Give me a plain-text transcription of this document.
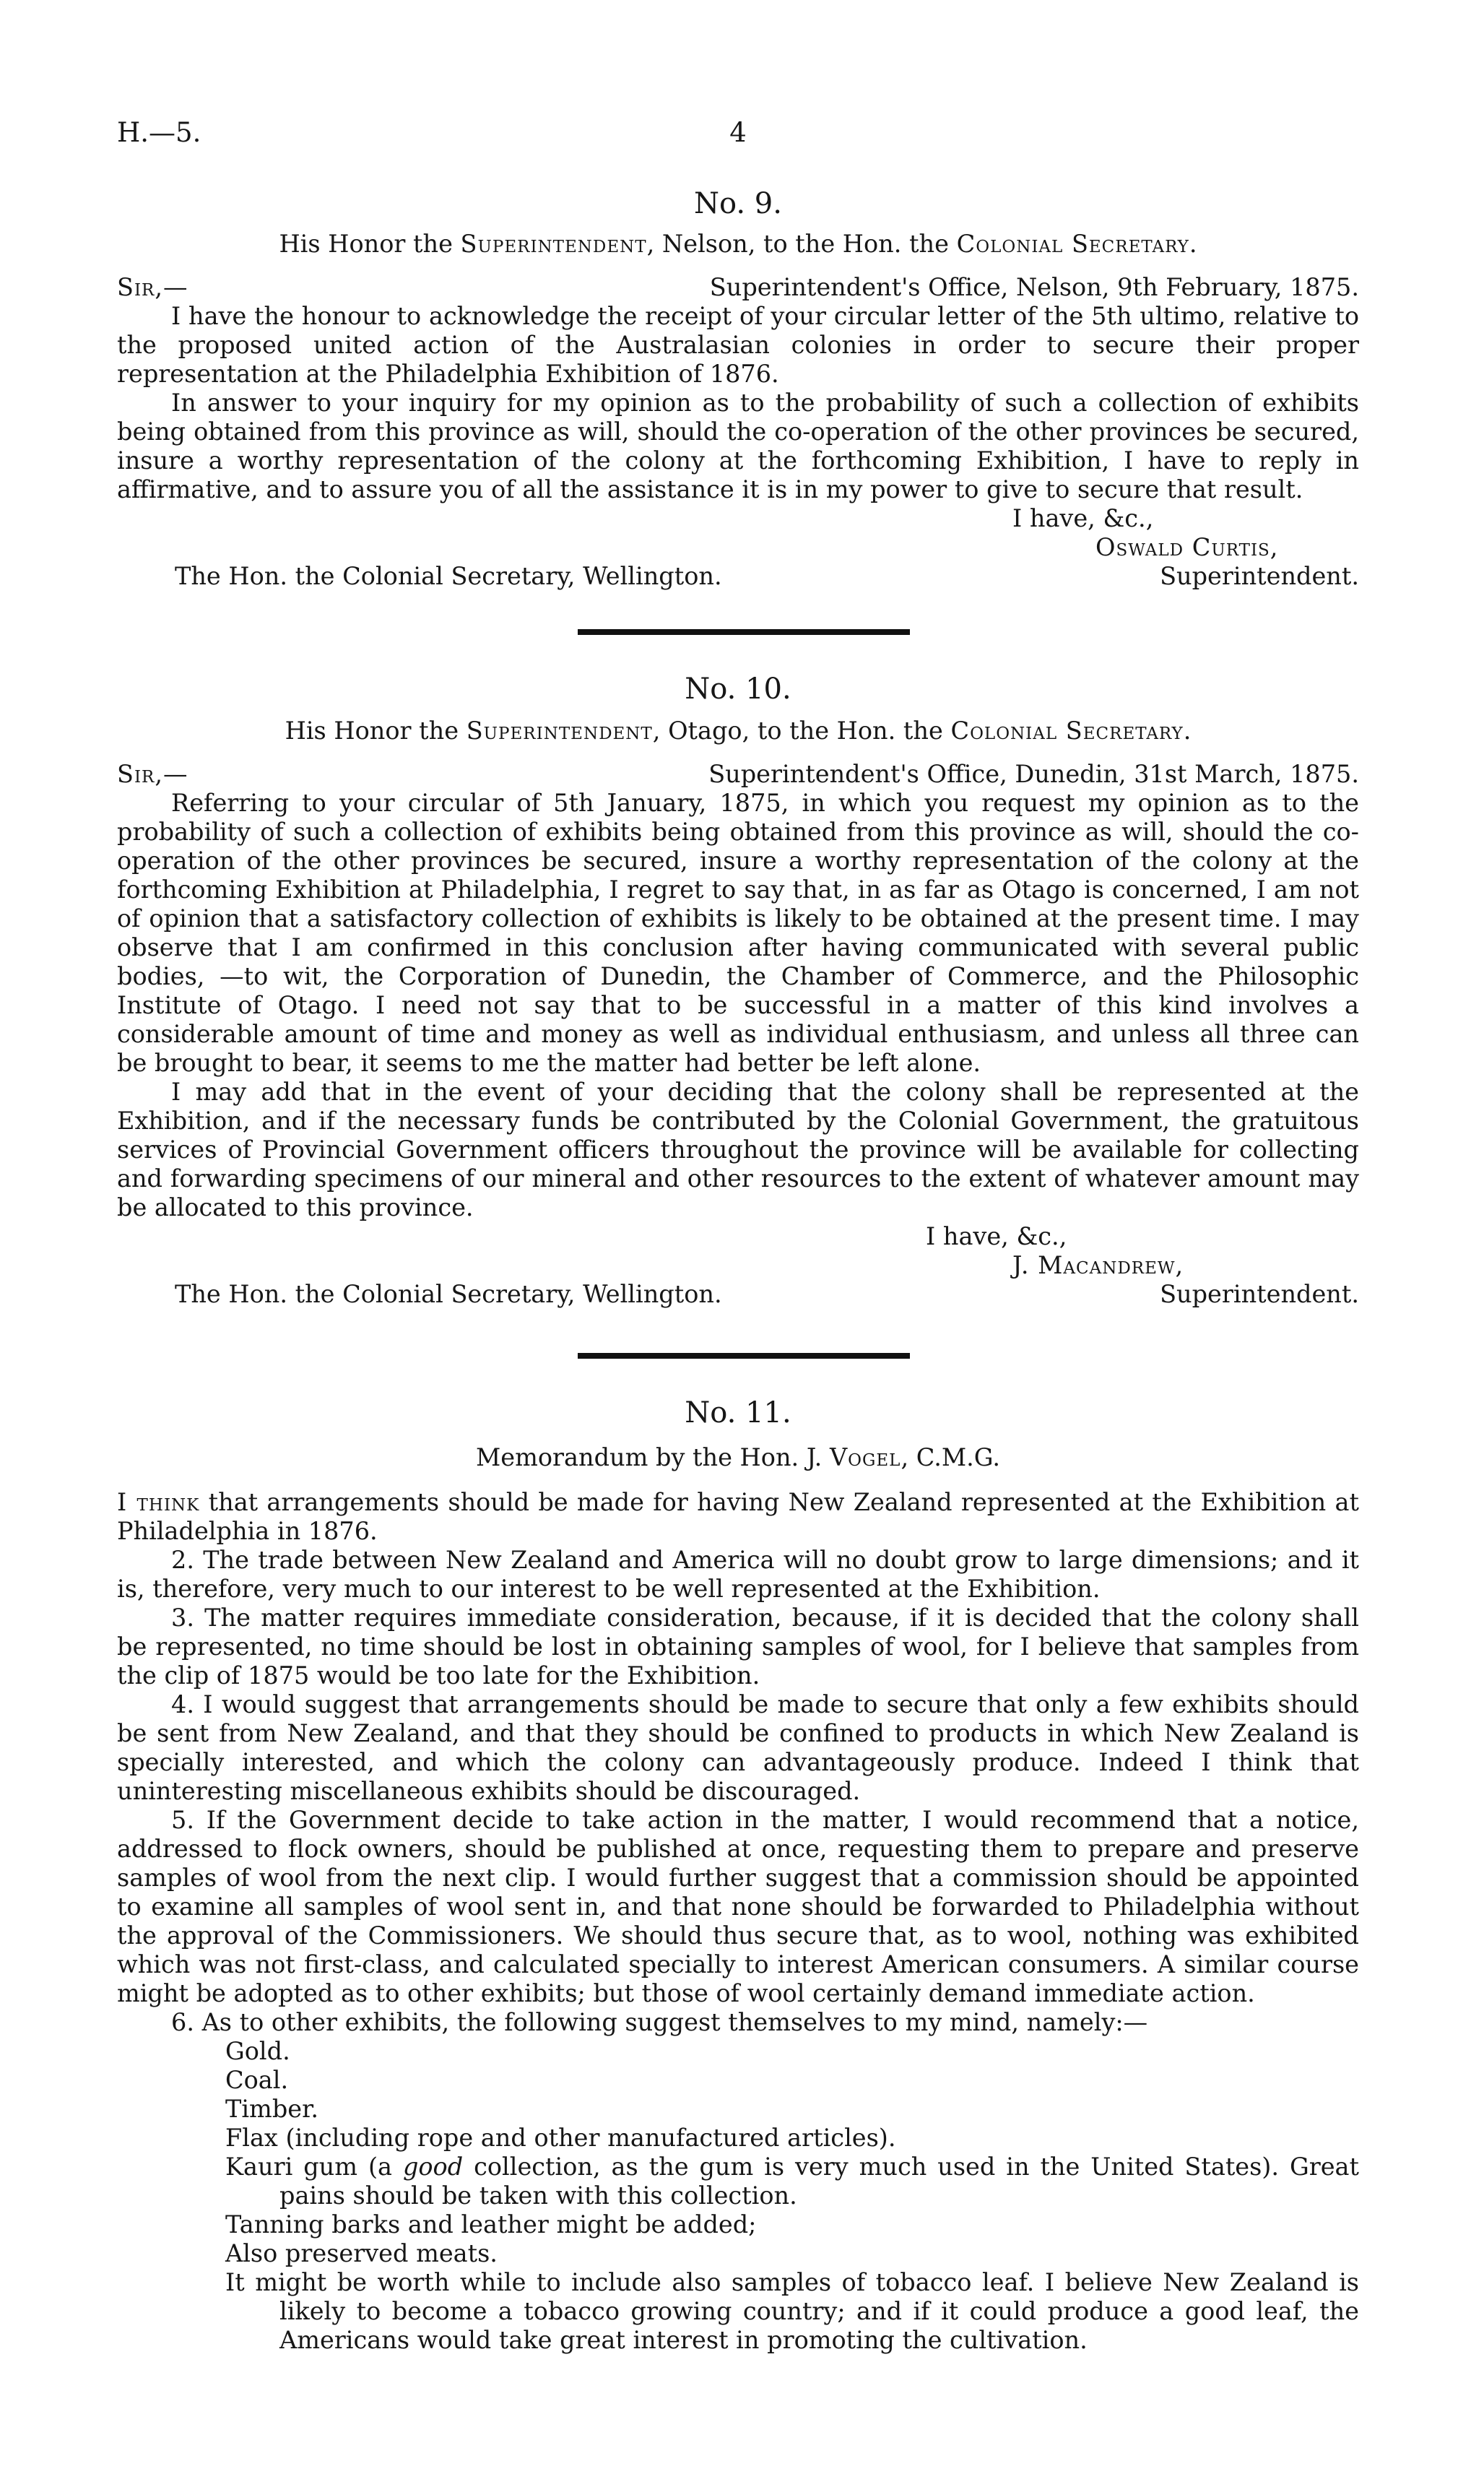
H.—5.	4
No. 9.
His Honor the Superintendent, Nelson, to the Hon. the Colonial Secretary.
Sir,—	Superintendent's Office, Nelson, 9th February, 1875.

I have the honour to acknowledge the receipt of your circular letter of the 5th ultimo, relative to the proposed united action of the Australasian colonies in order to secure their proper representation at the Philadelphia Exhibition of 1876.

In answer to your inquiry for my opinion as to the probability of such a collection of exhibits being obtained from this province as will, should the co-operation of the other provinces be secured, insure a worthy representation of the colony at the forthcoming Exhibition, I have to reply in affirmative, and to assure you of all the assistance it is in my power to give to secure that result.

I have, &c.,
Oswald Curtis,
The Hon. the Colonial Secretary, Wellington.	Superintendent.
No. 10.
His Honor the Superintendent, Otago, to the Hon. the Colonial Secretary.
Sir,—	Superintendent's Office, Dunedin, 31st March, 1875.

Referring to your circular of 5th January, 1875, in which you request my opinion as to the probability of such a collection of exhibits being obtained from this province as will, should the co-operation of the other provinces be secured, insure a worthy representation of the colony at the forthcoming Exhibition at Philadelphia, I regret to say that, in as far as Otago is concerned, I am not of opinion that a satisfactory collection of exhibits is likely to be obtained at the present time. I may observe that I am confirmed in this conclusion after having communicated with several public bodies, —to wit, the Corporation of Dunedin, the Chamber of Commerce, and the Philosophic Institute of Otago. I need not say that to be successful in a matter of this kind involves a considerable amount of time and money as well as individual enthusiasm, and unless all three can be brought to bear, it seems to me the matter had better be left alone.

I may add that in the event of your deciding that the colony shall be represented at the Exhibition, and if the necessary funds be contributed by the Colonial Government, the gratuitous services of Provincial Government officers throughout the province will be available for collecting and forwarding specimens of our mineral and other resources to the extent of whatever amount may be allocated to this province.

I have, &c.,
J. Macandrew,
The Hon. the Colonial Secretary, Wellington.	Superintendent.
No. 11.
Memorandum by the Hon. J. Vogel, C.M.G.

I think that arrangements should be made for having New Zealand represented at the Exhibition at Philadelphia in 1876.

2. The trade between New Zealand and America will no doubt grow to large dimensions; and it is, therefore, very much to our interest to be well represented at the Exhibition.

3. The matter requires immediate consideration, because, if it is decided that the colony shall be represented, no time should be lost in obtaining samples of wool, for I believe that samples from the clip of 1875 would be too late for the Exhibition.

4. I would suggest that arrangements should be made to secure that only a few exhibits should be sent from New Zealand, and that they should be confined to products in which New Zealand is specially interested, and which the colony can advantageously produce. Indeed I think that uninteresting miscellaneous exhibits should be discouraged.

5. If the Government decide to take action in the matter, I would recommend that a notice, addressed to flock owners, should be published at once, requesting them to prepare and preserve samples of wool from the next clip. I would further suggest that a commission should be appointed to examine all samples of wool sent in, and that none should be forwarded to Philadelphia without the approval of the Commissioners. We should thus secure that, as to wool, nothing was exhibited which was not first-class, and calculated specially to interest American consumers. A similar course might be adopted as to other exhibits; but those of wool certainly demand immediate action.

6. As to other exhibits, the following suggest themselves to my mind, namely:—

Gold.
Coal.
Timber.
Flax (including rope and other manufactured articles).
Kauri gum (a good collection, as the gum is very much used in the United States). Great pains should be taken with this collection.
Tanning barks and leather might be added;
Also preserved meats.
It might be worth while to include also samples of tobacco leaf. I believe New Zealand is likely to become a tobacco growing country; and if it could produce a good leaf, the Americans would take great interest in promoting the cultivation.
